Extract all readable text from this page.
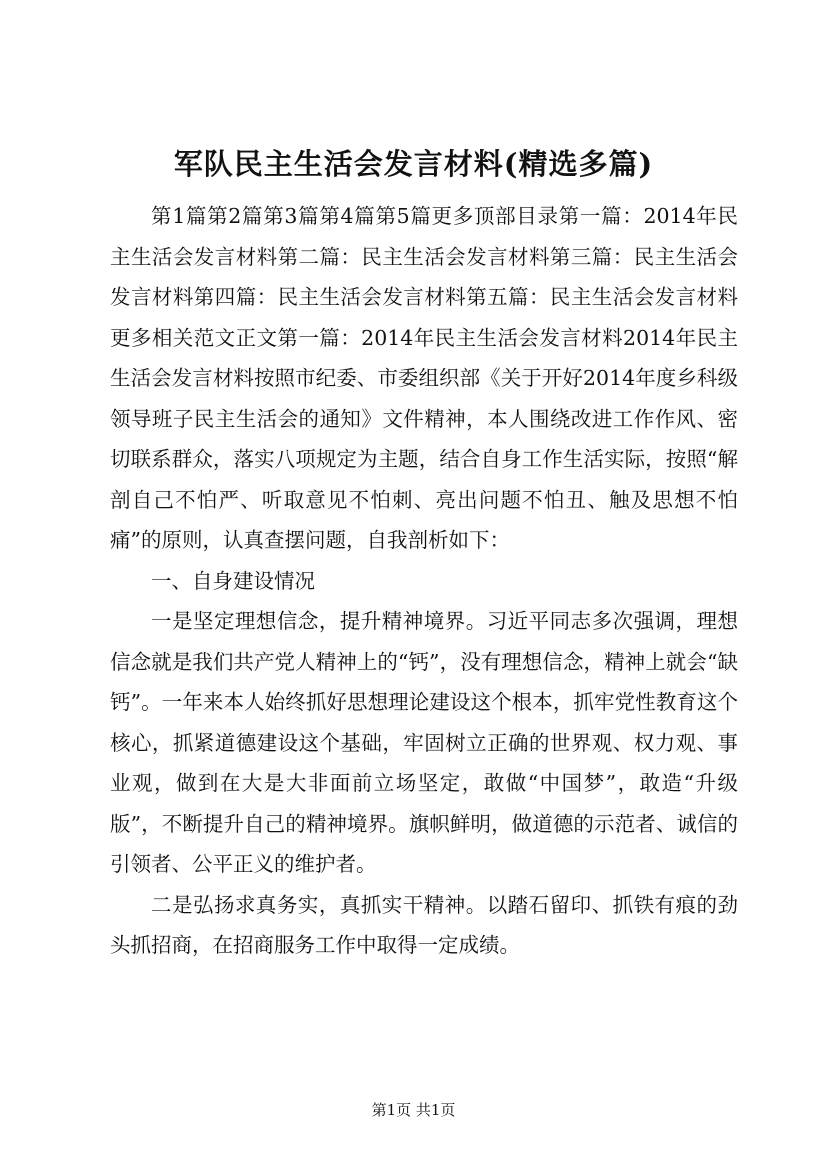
军队民主生活会发言材料(精选多篇)

第1篇第2篇第3篇第4篇第5篇更多顶部目录第一篇：2014年民主生活会发言材料第二篇：民主生活会发言材料第三篇：民主生活会发言材料第四篇：民主生活会发言材料第五篇：民主生活会发言材料更多相关范文正文第一篇：2014年民主生活会发言材料2014年民主生活会发言材料按照市纪委、市委组织部《关于开好2014年度乡科级领导班子民主生活会的通知》文件精神，本人围绕改进工作作风、密切联系群众，落实八项规定为主题，结合自身工作生活实际，按照“解剖自己不怕严、听取意见不怕刺、亮出问题不怕丑、触及思想不怕痛”的原则，认真查摆问题，自我剖析如下：

一、自身建设情况

一是坚定理想信念，提升精神境界。习近平同志多次强调，理想信念就是我们共产党人精神上的“钙”，没有理想信念，精神上就会“缺钙”。一年来本人始终抓好思想理论建设这个根本，抓牢党性教育这个核心，抓紧道德建设这个基础，牢固树立正确的世界观、权力观、事业观，做到在大是大非面前立场坚定，敢做“中国梦”，敢造“升级版”，不断提升自己的精神境界。旗帜鲜明，做道德的示范者、诚信的引领者、公平正义的维护者。

二是弘扬求真务实，真抓实干精神。以踏石留印、抓铁有痕的劲头抓招商，在招商服务工作中取得一定成绩。

第1页 共1页
